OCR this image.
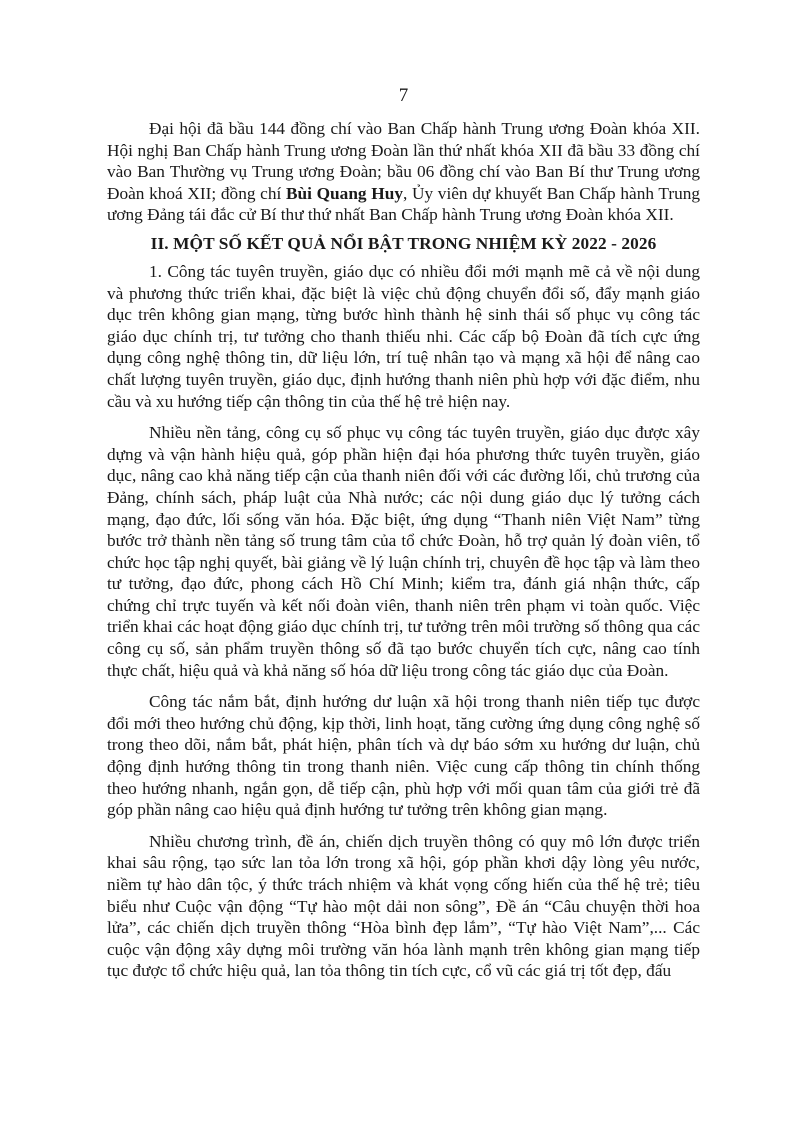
7

Đại hội đã bầu 144 đồng chí vào Ban Chấp hành Trung ương Đoàn khóa XII. Hội nghị Ban Chấp hành Trung ương Đoàn lần thứ nhất khóa XII đã bầu 33 đồng chí vào Ban Thường vụ Trung ương Đoàn; bầu 06 đồng chí vào Ban Bí thư Trung ương Đoàn khoá XII; đồng chí Bùi Quang Huy, Ủy viên dự khuyết Ban Chấp hành Trung ương Đảng tái đắc cử Bí thư thứ nhất Ban Chấp hành Trung ương Đoàn khóa XII.

II. MỘT SỐ KẾT QUẢ NỔI BẬT TRONG NHIỆM KỲ 2022 - 2026

1. Công tác tuyên truyền, giáo dục có nhiều đổi mới mạnh mẽ cả về nội dung và phương thức triển khai, đặc biệt là việc chủ động chuyển đổi số, đẩy mạnh giáo dục trên không gian mạng, từng bước hình thành hệ sinh thái số phục vụ công tác giáo dục chính trị, tư tưởng cho thanh thiếu nhi. Các cấp bộ Đoàn đã tích cực ứng dụng công nghệ thông tin, dữ liệu lớn, trí tuệ nhân tạo và mạng xã hội để nâng cao chất lượng tuyên truyền, giáo dục, định hướng thanh niên phù hợp với đặc điểm, nhu cầu và xu hướng tiếp cận thông tin của thế hệ trẻ hiện nay.

Nhiều nền tảng, công cụ số phục vụ công tác tuyên truyền, giáo dục được xây dựng và vận hành hiệu quả, góp phần hiện đại hóa phương thức tuyên truyền, giáo dục, nâng cao khả năng tiếp cận của thanh niên đối với các đường lối, chủ trương của Đảng, chính sách, pháp luật của Nhà nước; các nội dung giáo dục lý tưởng cách mạng, đạo đức, lối sống văn hóa. Đặc biệt, ứng dụng “Thanh niên Việt Nam” từng bước trở thành nền tảng số trung tâm của tổ chức Đoàn, hỗ trợ quản lý đoàn viên, tổ chức học tập nghị quyết, bài giảng về lý luận chính trị, chuyên đề học tập và làm theo tư tưởng, đạo đức, phong cách Hồ Chí Minh; kiểm tra, đánh giá nhận thức, cấp chứng chỉ trực tuyến và kết nối đoàn viên, thanh niên trên phạm vi toàn quốc. Việc triển khai các hoạt động giáo dục chính trị, tư tưởng trên môi trường số thông qua các công cụ số, sản phẩm truyền thông số đã tạo bước chuyển tích cực, nâng cao tính thực chất, hiệu quả và khả năng số hóa dữ liệu trong công tác giáo dục của Đoàn.

Công tác nắm bắt, định hướng dư luận xã hội trong thanh niên tiếp tục được đổi mới theo hướng chủ động, kịp thời, linh hoạt, tăng cường ứng dụng công nghệ số trong theo dõi, nắm bắt, phát hiện, phân tích và dự báo sớm xu hướng dư luận, chủ động định hướng thông tin trong thanh niên. Việc cung cấp thông tin chính thống theo hướng nhanh, ngắn gọn, dễ tiếp cận, phù hợp với mối quan tâm của giới trẻ đã góp phần nâng cao hiệu quả định hướng tư tưởng trên không gian mạng.

Nhiều chương trình, đề án, chiến dịch truyền thông có quy mô lớn được triển khai sâu rộng, tạo sức lan tỏa lớn trong xã hội, góp phần khơi dậy lòng yêu nước, niềm tự hào dân tộc, ý thức trách nhiệm và khát vọng cống hiến của thế hệ trẻ; tiêu biểu như Cuộc vận động “Tự hào một dải non sông”, Đề án “Câu chuyện thời hoa lửa”, các chiến dịch truyền thông “Hòa bình đẹp lắm”, “Tự hào Việt Nam”,... Các cuộc vận động xây dựng môi trường văn hóa lành mạnh trên không gian mạng tiếp tục được tổ chức hiệu quả, lan tỏa thông tin tích cực, cổ vũ các giá trị tốt đẹp, đấu
